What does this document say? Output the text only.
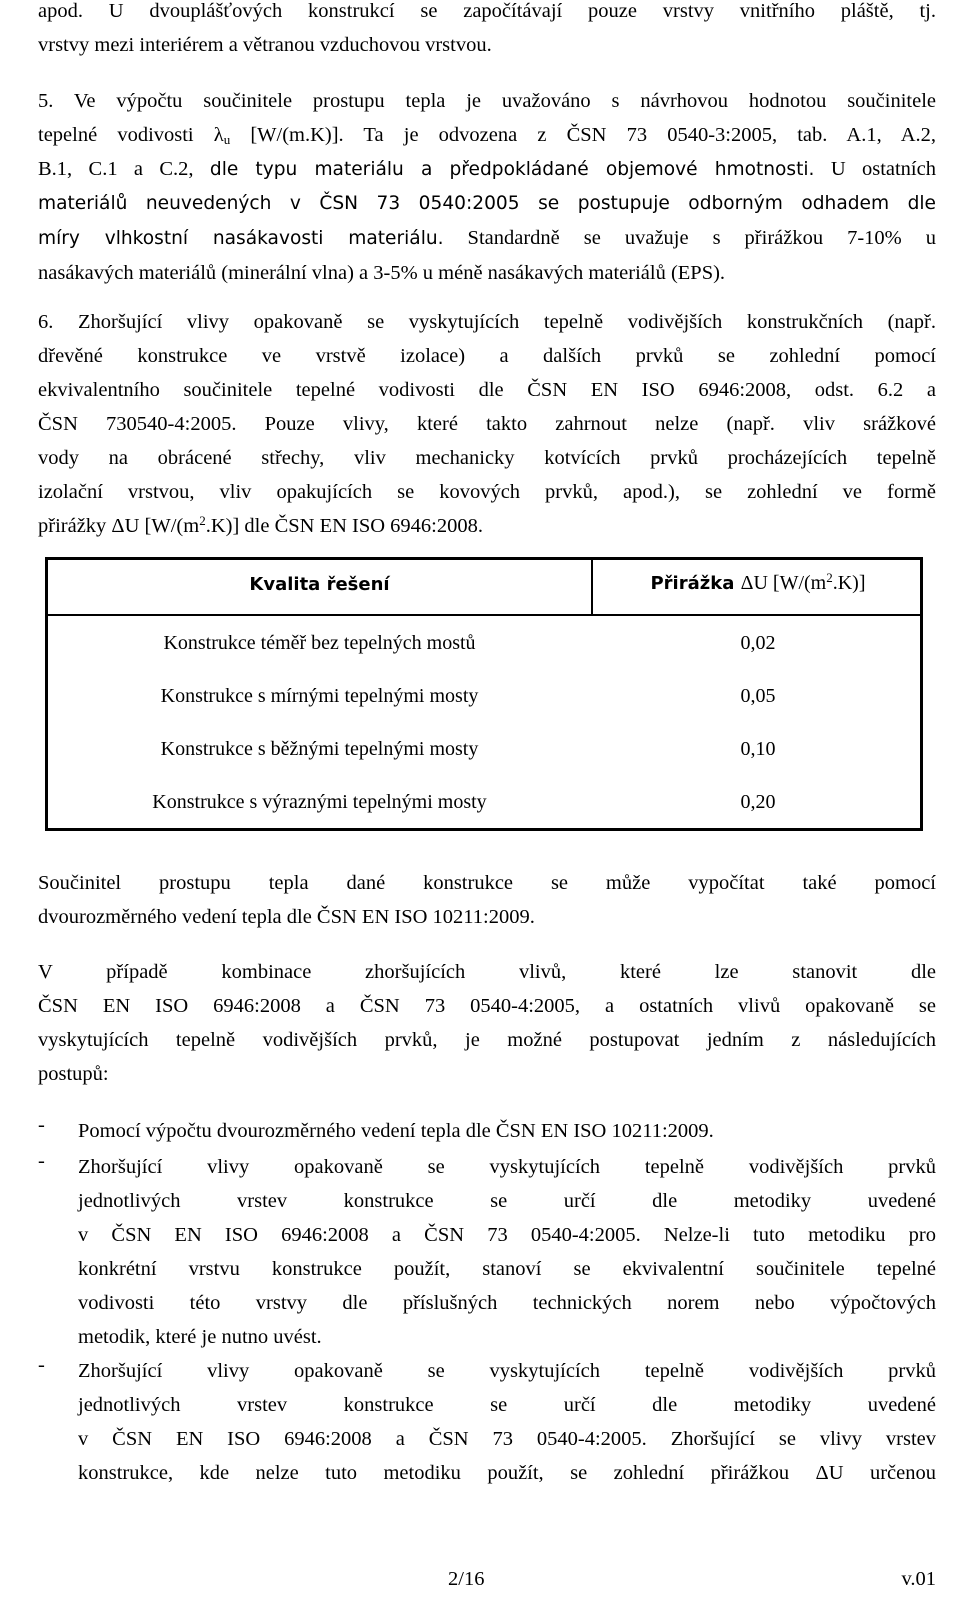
apod. U dvouplášťových konstrukcí se započítávají pouze vrstvy vnitřního pláště, tj.
vrstvy mezi interiérem a větranou vzduchovou vrstvou.
5. Ve výpočtu součinitele prostupu tepla je uvažováno s návrhovou hodnotou součinitele
tepelné vodivosti $\lambda_u$ [W/(m.K)]. Ta je odvozena z ČSN 73 0540-3:2005, tab. A.1, A.2,
B.1, C.1 a C.2, dle typu materiálu a předpokládané objemové hmotnosti. U ostatních
materiálů neuvedených v ČSN 73 0540:2005 se postupuje odborným odhadem dle
míry vlhkostní nasákavosti materiálu. Standardně se uvažuje s přirážkou 7-10% u
nasákavých materiálů (minerální vlna) a 3-5% u méně nasákavých materiálů (EPS).
6. Zhoršující vlivy opakovaně se vyskytujících tepelně vodivějších konstrukčních (např.
dřevěné konstrukce ve vrstvě izolace) a dalších prvků se zohlední pomocí
ekvivalentního součinitele tepelné vodivosti dle ČSN EN ISO 6946:2008, odst. 6.2 a
ČSN 730540-4:2005. Pouze vlivy, které takto zahrnout nelze (např. vliv srážkové
vody na obrácené střechy, vliv mechanicky kotvících prvků procházejících tepelně
izolační vrstvou, vliv opakujících se kovových prvků, apod.), se zohlední ve formě
přirážky ΔU $[W/(m^2.K)]$ dle ČSN EN ISO 6946:2008.
Kvalita řešení	Přirážka ΔU $[W/(m^2.K)]$
Konstrukce téměř bez tepelných mostů	0,02
Konstrukce s mírnými tepelnými mosty	0,05
Konstrukce s běžnými tepelnými mosty	0,10
Konstrukce s výraznými tepelnými mosty	0,20
Součinitel prostupu tepla dané konstrukce se může vypočítat také pomocí
dvourozměrného vedení tepla dle ČSN EN ISO 10211:2009.
V případě kombinace zhoršujících vlivů, které lze stanovit dle
ČSN EN ISO 6946:2008 a ČSN 73 0540-4:2005, a ostatních vlivů opakovaně se
vyskytujících tepelně vodivějších prvků, je možné postupovat jedním z následujících
postupů:
- Pomocí výpočtu dvourozměrného vedení tepla dle ČSN EN ISO 10211:2009.
- Zhoršující vlivy opakovaně se vyskytujících tepelně vodivějších prvků
jednotlivých vrstev konstrukce se určí dle metodiky uvedené
v ČSN EN ISO 6946:2008 a ČSN 73 0540-4:2005. Nelze-li tuto metodiku pro
konkrétní vrstvu konstrukce použít, stanoví se ekvivalentní součinitele tepelné
vodivosti této vrstvy dle příslušných technických norem nebo výpočtových
metodik, které je nutno uvést.
- Zhoršující vlivy opakovaně se vyskytujících tepelně vodivějších prvků
jednotlivých vrstev konstrukce se určí dle metodiky uvedené
v ČSN EN ISO 6946:2008 a ČSN 73 0540-4:2005. Zhoršující se vlivy vrstev
konstrukce, kde nelze tuto metodiku použít, se zohlední přirážkou ΔU určenou
2/16	v.01
